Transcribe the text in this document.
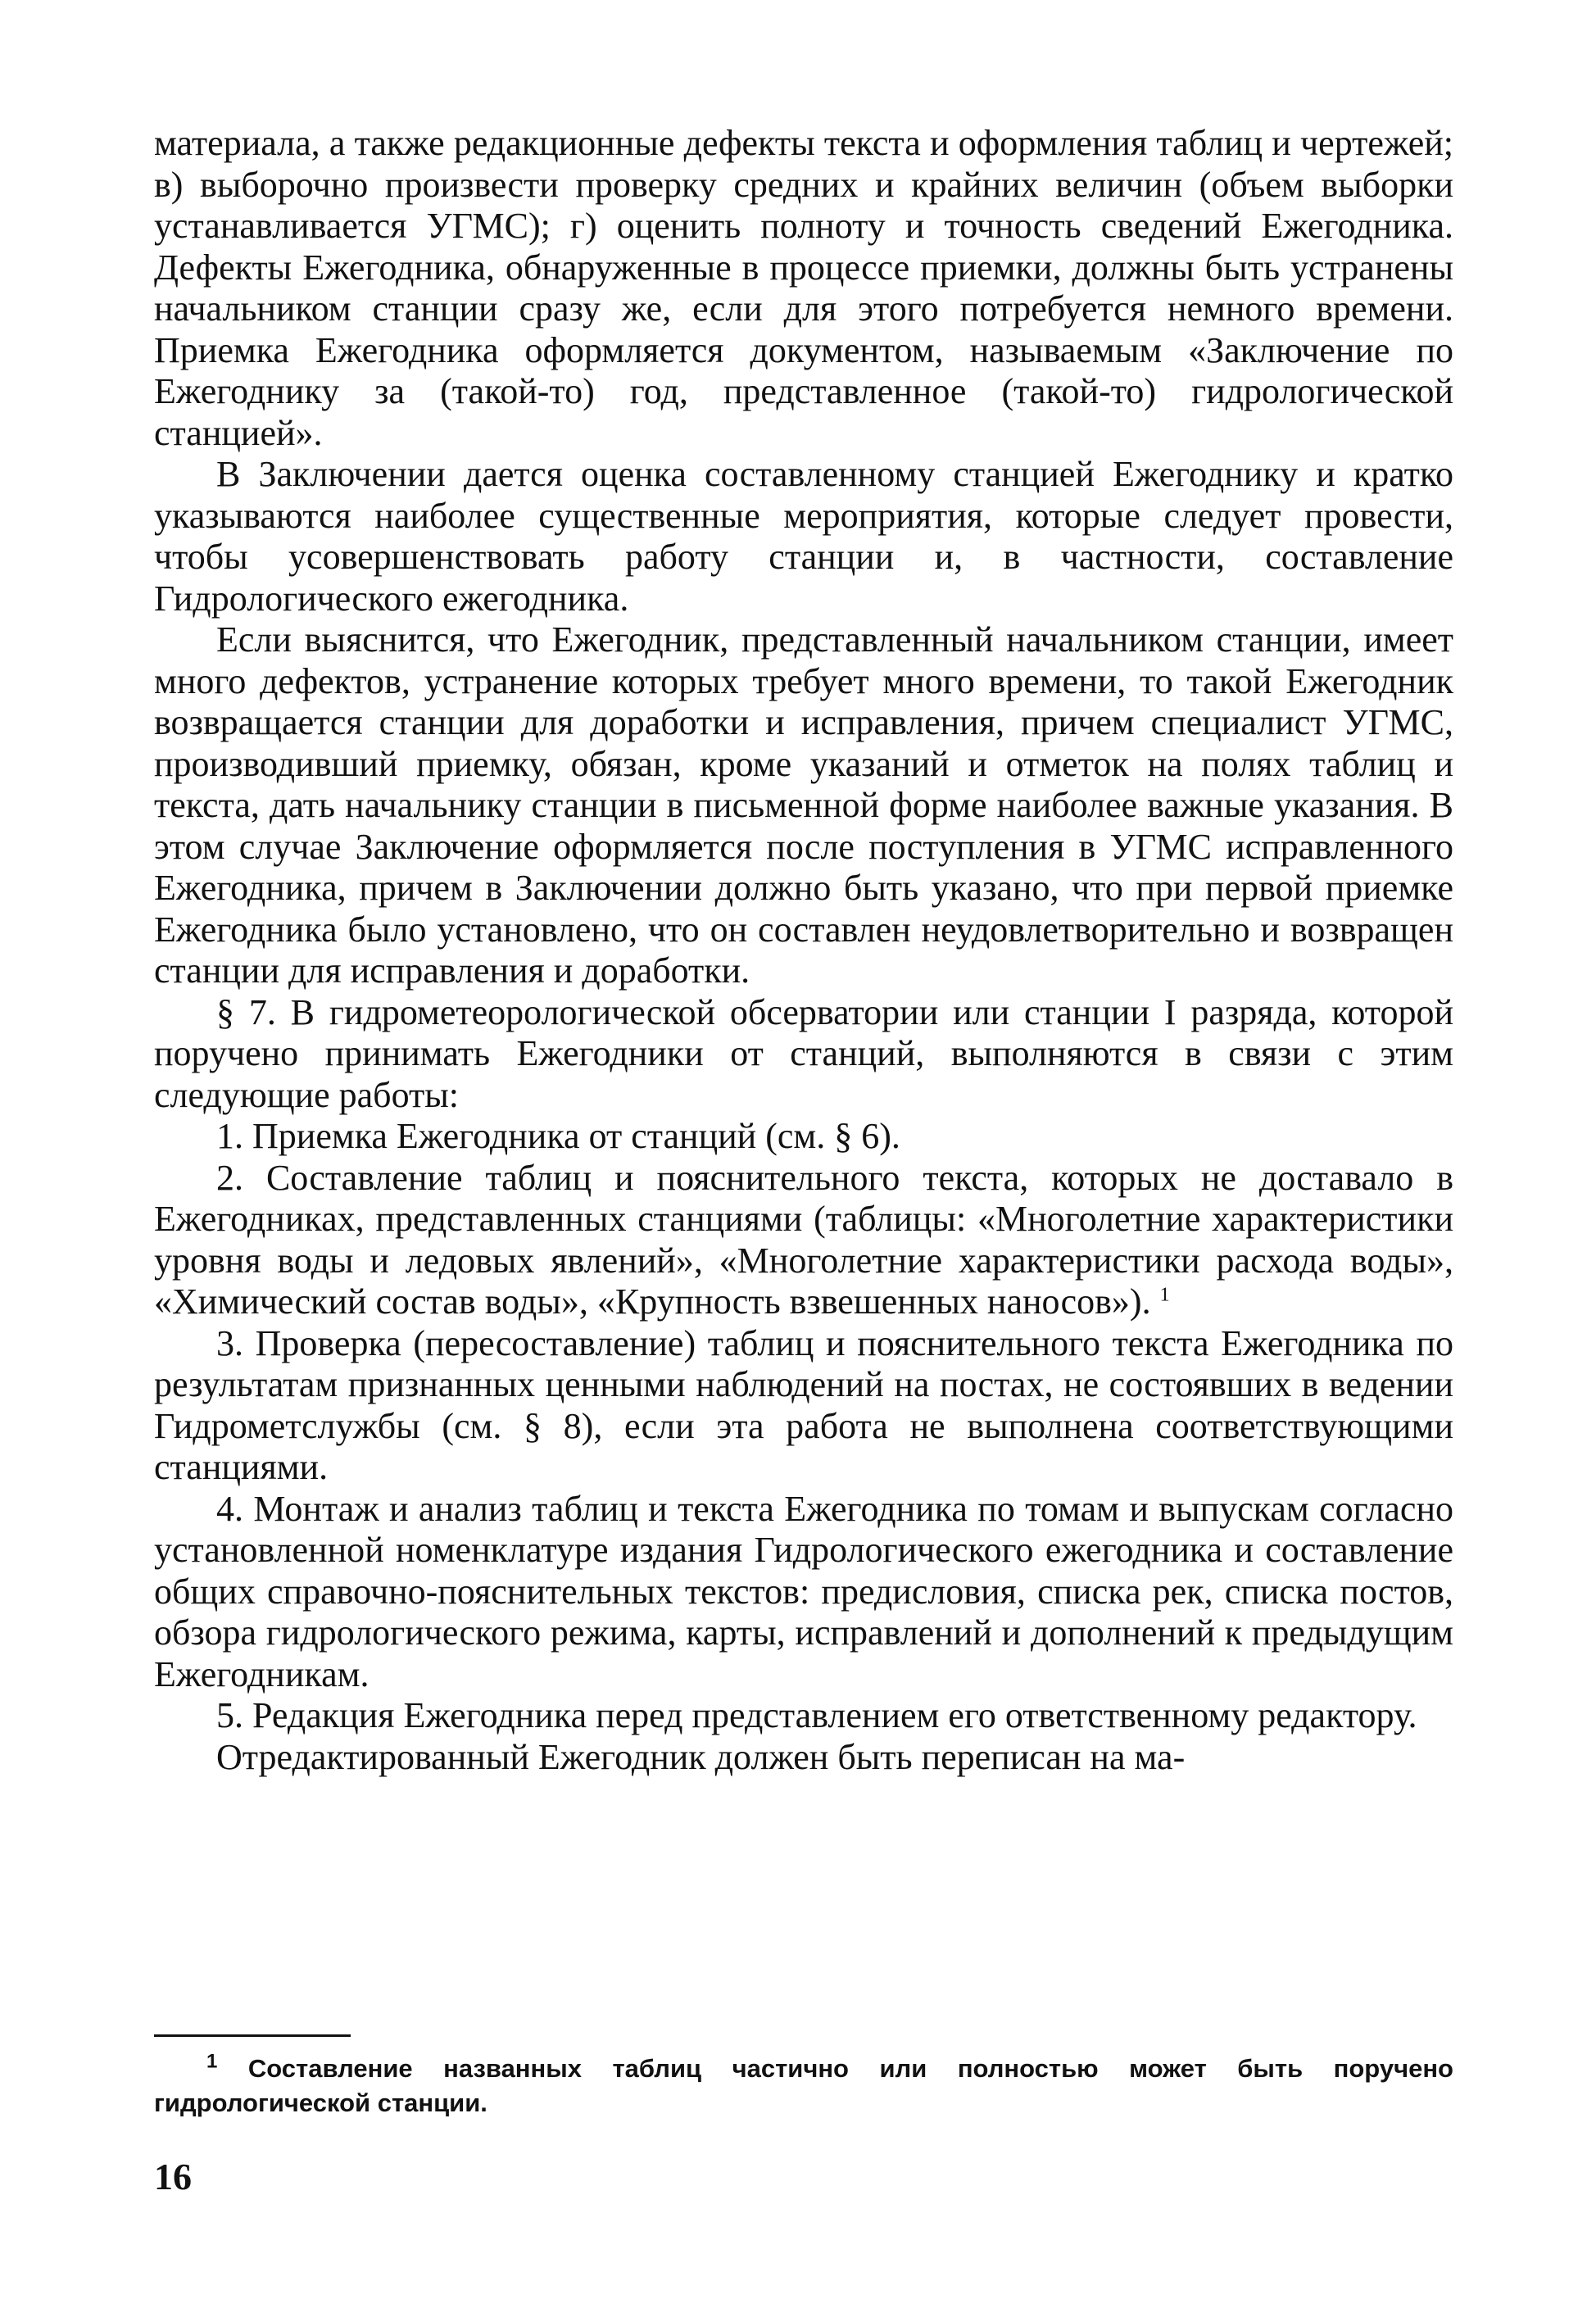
материала, а также редакционные дефекты текста и оформления таблиц и чертежей; в) выборочно произвести проверку средних и крайних величин (объем выборки устанавливается УГМС); г) оценить полноту и точность сведений Ежегодника. Дефекты Ежегодника, обнаруженные в процессе приемки, должны быть устранены начальником станции сразу же, если для этого потребуется немного времени. Приемка Ежегодника оформляется документом, называемым «Заключение по Ежегоднику за (такой-то) год, представленное (такой-то) гидрологической станцией».

В Заключении дается оценка составленному станцией Ежегоднику и кратко указываются наиболее существенные мероприятия, которые следует провести, чтобы усовершенствовать работу станции и, в частности, составление Гидрологического ежегодника.

Если выяснится, что Ежегодник, представленный начальником станции, имеет много дефектов, устранение которых требует много времени, то такой Ежегодник возвращается станции для доработки и исправления, причем специалист УГМС, производивший приемку, обязан, кроме указаний и отметок на полях таблиц и текста, дать начальнику станции в письменной форме наиболее важные указания. В этом случае Заключение оформляется после поступления в УГМС исправленного Ежегодника, причем в Заключении должно быть указано, что при первой приемке Ежегодника было установлено, что он составлен неудовлетворительно и возвращен станции для исправления и доработки.

§ 7. В гидрометеорологической обсерватории или станции I разряда, которой поручено принимать Ежегодники от станций, выполняются в связи с этим следующие работы:

1. Приемка Ежегодника от станций (см. § 6).

2. Составление таблиц и пояснительного текста, которых не доставало в Ежегодниках, представленных станциями (таблицы: «Многолетние характеристики уровня воды и ледовых явлений», «Многолетние характеристики расхода воды», «Химический состав воды», «Крупность взвешенных наносов»). $^1$

3. Проверка (пересоставление) таблиц и пояснительного текста Ежегодника по результатам признанных ценными наблюдений на постах, не состоявших в ведении Гидрометслужбы (см. § 8), если эта работа не выполнена соответствующими станциями.

4. Монтаж и анализ таблиц и текста Ежегодника по томам и выпускам согласно установленной номенклатуре издания Гидрологического ежегодника и составление общих справочно-пояснительных текстов: предисловия, списка рек, списка постов, обзора гидрологического режима, карты, исправлений и дополнений к предыдущим Ежегодникам.

5. Редакция Ежегодника перед представлением его ответственному редактору.

Отредактированный Ежегодник должен быть переписан на ма-

$^1$ Составление названных таблиц частично или полностью может быть поручено гидрологической станции.
16
